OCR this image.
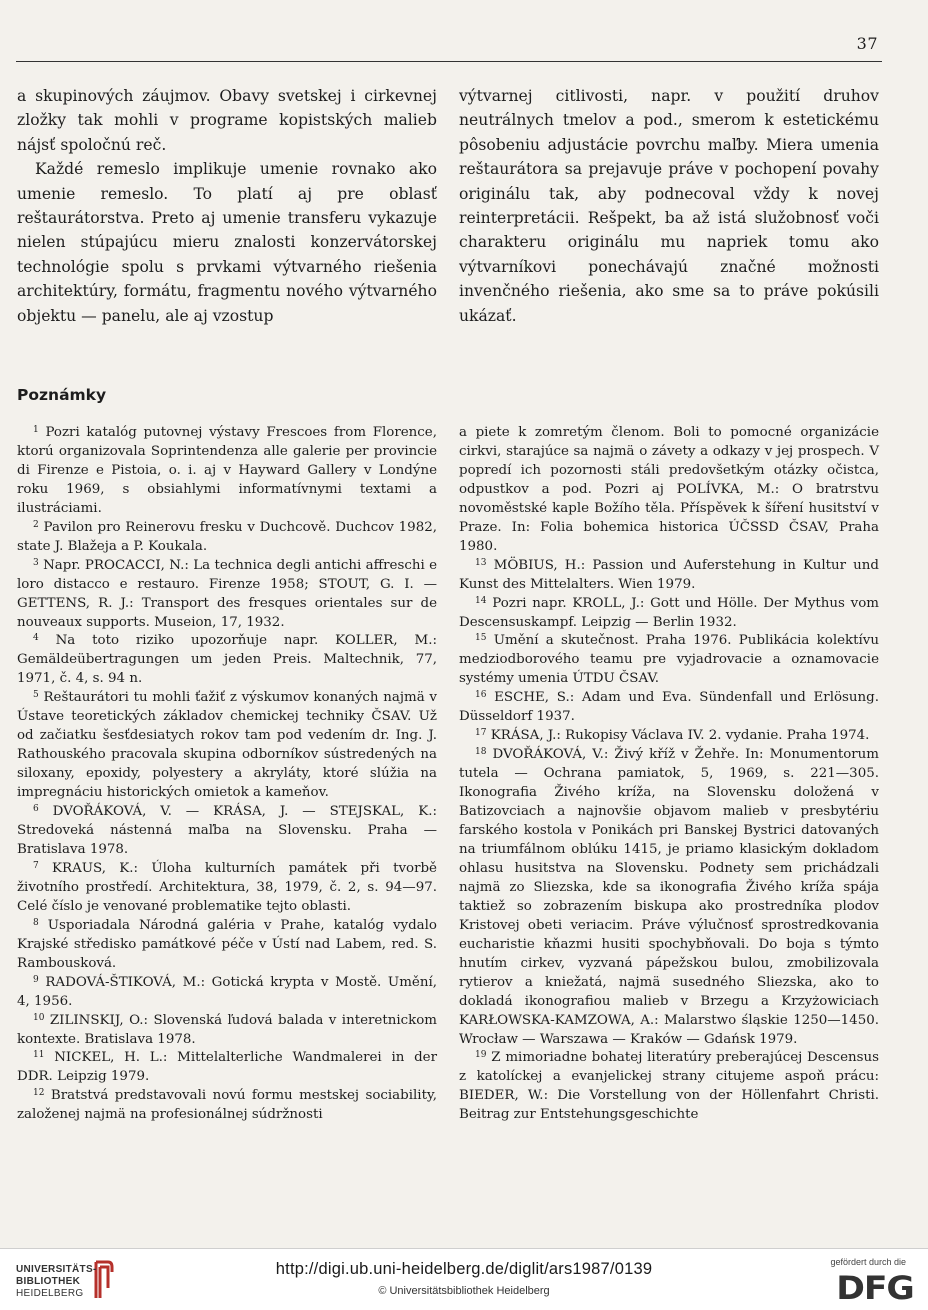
37

a skupinových záujmov. Obavy svetskej i cirkevnej zložky tak mohli v programe kopistských malieb nájsť spoločnú reč.

Každé remeslo implikuje umenie rovnako ako umenie remeslo. To platí aj pre oblasť reštaurátorstva. Preto aj umenie transferu vykazuje nielen stúpajúcu mieru znalosti konzervátorskej technológie spolu s prvkami výtvarného riešenia architektúry, formátu, fragmentu nového výtvarného objektu — panelu, ale aj vzostup

výtvarnej citlivosti, napr. v použití druhov neutrálnych tmelov a pod., smerom k estetickému pôsobeniu adjustácie povrchu maľby. Miera umenia reštaurátora sa prejavuje práve v pochopení povahy originálu tak, aby podnecoval vždy k novej reinterpretácii. Rešpekt, ba až istá služobnosť voči charakteru originálu mu napriek tomu ako výtvarníkovi ponechávajú značné možnosti invenčného riešenia, ako sme sa to práve pokúsili ukázať.

Poznámky

$^1$ Pozri katalóg putovnej výstavy Frescoes from Florence, ktorú organizovala Soprintendenza alle galerie per provincie di Firenze e Pistoia, o. i. aj v Hayward Gallery v Londýne roku 1969, s obsiahlymi informatívnymi textami a ilustráciami.

$^2$ Pavilon pro Reinerovu fresku v Duchcově. Duchcov 1982, state J. Blažeja a P. Koukala.

$^3$ Napr. PROCACCI, N.: La technica degli antichi affreschi e loro distacco e restauro. Firenze 1958; STOUT, G. I. — GETTENS, R. J.: Transport des fresques orientales sur de nouveaux supports. Museion, 17, 1932.

$^4$ Na toto riziko upozorňuje napr. KOLLER, M.: Gemäldeübertragungen um jeden Preis. Maltechnik, 77, 1971, č. 4, s. 94 n.

$^5$ Reštaurátori tu mohli ťažiť z výskumov konaných najmä v Ústave teoretických základov chemickej techniky ČSAV. Už od začiatku šesťdesiatych rokov tam pod vedením dr. Ing. J. Rathouského pracovala skupina odborníkov sústredených na siloxany, epoxidy, polyestery a akryláty, ktoré slúžia na impregnáciu historických omietok a kameňov.

$^6$ DVOŘÁKOVÁ, V. — KRÁSA, J. — STEJSKAL, K.: Stredoveká nástenná maľba na Slovensku. Praha — Bratislava 1978.

$^7$ KRAUS, K.: Úloha kulturních památek při tvorbě životního prostředí. Architektura, 38, 1979, č. 2, s. 94—97. Celé číslo je venované problematike tejto oblasti.

$^8$ Usporiadala Národná galéria v Prahe, katalóg vydalo Krajské středisko památkové péče v Ústí nad Labem, red. S. Rambousková.

$^9$ RADOVÁ-ŠTIKOVÁ, M.: Gotická krypta v Mostě. Umění, 4, 1956.

$^{10}$ ZILINSKIJ, O.: Slovenská ľudová balada v interetnickom kontexte. Bratislava 1978.

$^{11}$ NICKEL, H. L.: Mittelalterliche Wandmalerei in der DDR. Leipzig 1979.

$^{12}$ Bratstvá predstavovali novú formu mestskej sociability, založenej najmä na profesionálnej súdržnosti

a piete k zomretým členom. Boli to pomocné organizácie cirkvi, starajúce sa najmä o závety a odkazy v jej prospech. V popredí ich pozornosti stáli predovšetkým otázky očistca, odpustkov a pod. Pozri aj POLÍVKA, M.: O bratrstvu novoměstské kaple Božího těla. Příspěvek k šíření husitství v Praze. In: Folia bohemica historica ÚČSSD ČSAV, Praha 1980.

$^{13}$ MÖBIUS, H.: Passion und Auferstehung in Kultur und Kunst des Mittelalters. Wien 1979.

$^{14}$ Pozri napr. KROLL, J.: Gott und Hölle. Der Mythus vom Descensuskampf. Leipzig — Berlin 1932.

$^{15}$ Umění a skutečnost. Praha 1976. Publikácia kolektívu medziodborového teamu pre vyjadrovacie a oznamovacie systémy umenia ÚTDU ČSAV.

$^{16}$ ESCHE, S.: Adam und Eva. Sündenfall und Erlösung. Düsseldorf 1937.

$^{17}$ KRÁSA, J.: Rukopisy Václava IV. 2. vydanie. Praha 1974.

$^{18}$ DVOŘÁKOVÁ, V.: Živý kříž v Žehře. In: Monumentorum tutela — Ochrana pamiatok, 5, 1969, s. 221—305. Ikonografia Živého kríža, na Slovensku doložená v Batizovciach a najnovšie objavom malieb v presbytériu farského kostola v Ponikách pri Banskej Bystrici datovaných na triumfálnom oblúku 1415, je priamo klasickým dokladom ohlasu husitstva na Slovensku. Podnety sem prichádzali najmä zo Sliezska, kde sa ikonografia Živého kríža spája taktiež so zobrazením biskupa ako prostredníka plodov Kristovej obeti veriacim. Práve výlučnosť sprostredkovania eucharistie kňazmi husiti spochybňovali. Do boja s týmto hnutím cirkev, vyzvaná pápežskou bulou, zmobilizovala rytierov a kniežatá, najmä susedného Sliezska, ako to dokladá ikonografiou malieb v Brzegu a Krzyżowiciach KARŁOWSKA-KAMZOWA, A.: Malarstwo śląskie 1250—1450. Wrocław — Warszawa — Kraków — Gdańsk 1979.

$^{19}$ Z mimoriadne bohatej literatúry preberajúcej Descensus z katolíckej a evanjelickej strany citujeme aspoň prácu: BIEDER, W.: Die Vorstellung von der Höllenfahrt Christi. Beitrag zur Entstehungsgeschichte

UNIVERSITÄTS-
BIBLIOTHEK
HEIDELBERG
http://digi.ub.uni-heidelberg.de/diglit/ars1987/0139
© Universitätsbibliothek Heidelberg
gefördert durch die
DFG
